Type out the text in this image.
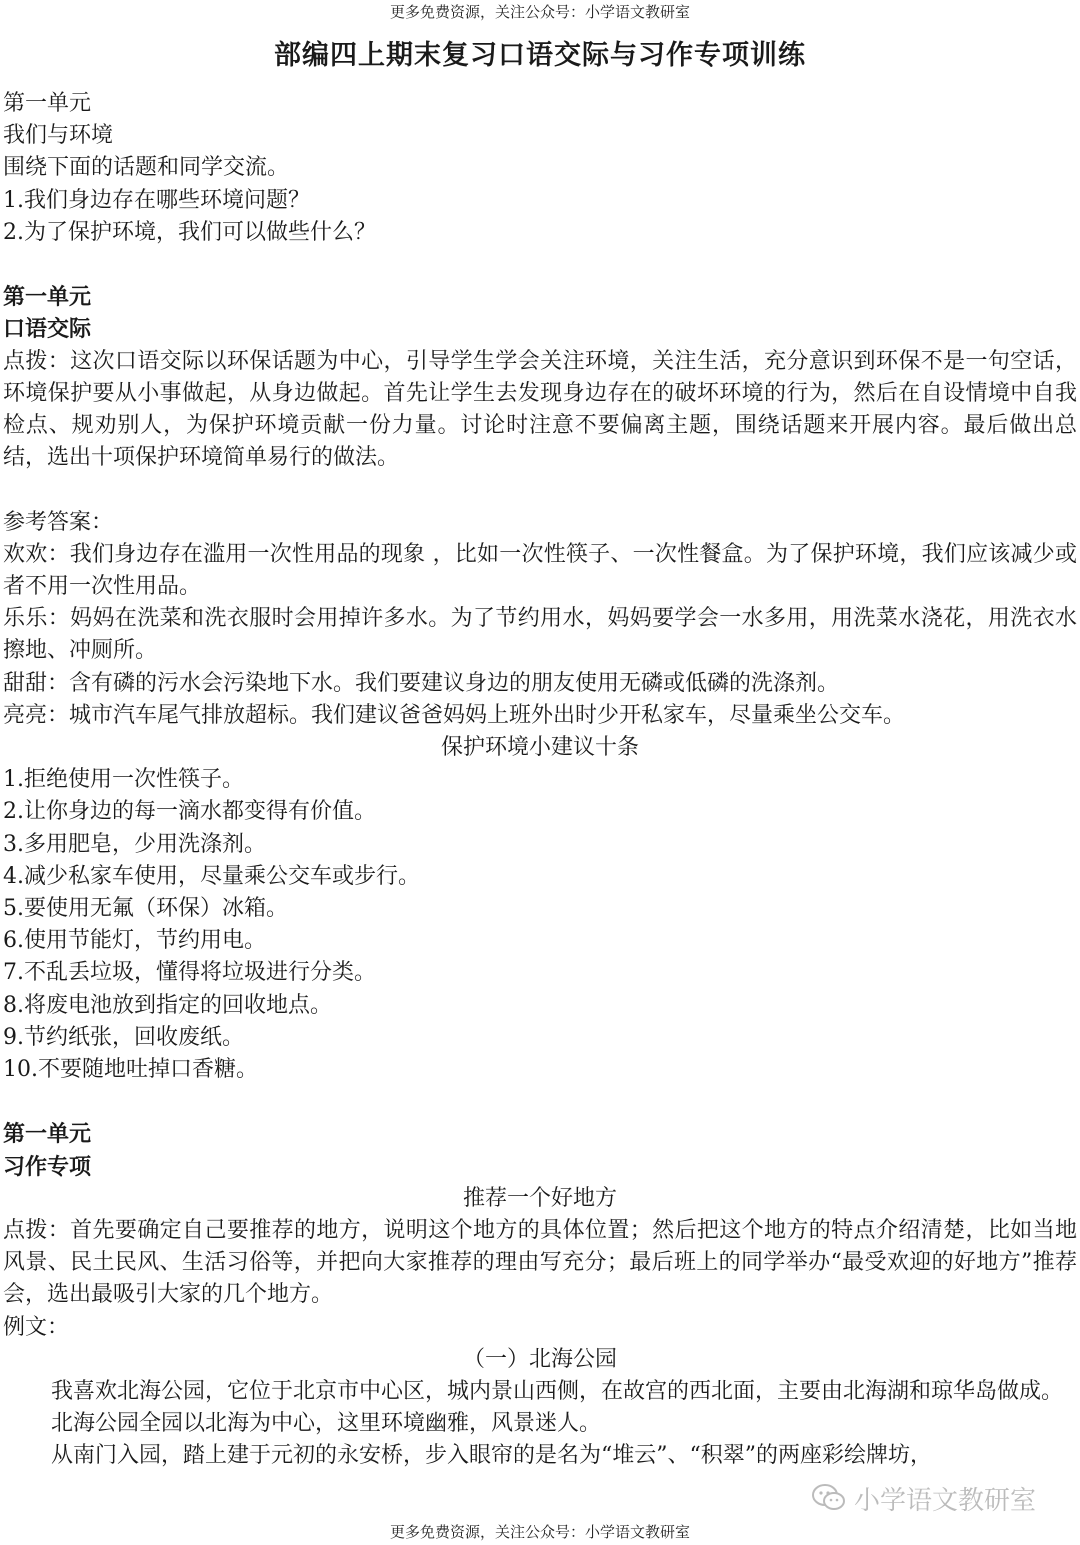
更多免费资源，关注公众号：小学语文教研室
部编四上期末复习口语交际与习作专项训练
第一单元
我们与环境
围绕下面的话题和同学交流。
1.我们身边存在哪些环境问题？
2.为了保护环境，我们可以做些什么？
第一单元
口语交际
点拨：这次口语交际以环保话题为中心，引导学生学会关注环境，关注生活，充分意识到环保不是一句空话，环境保护要从小事做起，从身边做起。首先让学生去发现身边存在的破坏环境的行为，然后在自设情境中自我检点、规劝别人，为保护环境贡献一份力量。讨论时注意不要偏离主题，围绕话题来开展内容。最后做出总结，选出十项保护环境简单易行的做法。
参考答案：
欢欢：我们身边存在滥用一次性用品的现象 ，比如一次性筷子、一次性餐盒。为了保护环境，我们应该减少或者不用一次性用品。
乐乐：妈妈在洗菜和洗衣服时会用掉许多水。为了节约用水，妈妈要学会一水多用，用洗菜水浇花，用洗衣水擦地、冲厕所。
甜甜：含有磷的污水会污染地下水。我们要建议身边的朋友使用无磷或低磷的洗涤剂。
亮亮：城市汽车尾气排放超标。我们建议爸爸妈妈上班外出时少开私家车，尽量乘坐公交车。
保护环境小建议十条
1.拒绝使用一次性筷子。
2.让你身边的每一滴水都变得有价值。
3.多用肥皂，少用洗涤剂。
4.减少私家车使用，尽量乘公交车或步行。
5.要使用无氟（环保）冰箱。
6.使用节能灯，节约用电。
7.不乱丢垃圾，懂得将垃圾进行分类。
8.将废电池放到指定的回收地点。
9.节约纸张，回收废纸。
10.不要随地吐掉口香糖。
第一单元
习作专项
推荐一个好地方
点拨：首先要确定自己要推荐的地方，说明这个地方的具体位置；然后把这个地方的特点介绍清楚，比如当地风景、民土民风、生活习俗等，并把向大家推荐的理由写充分；最后班上的同学举办“最受欢迎的好地方”推荐会，选出最吸引大家的几个地方。
例文：
（一）北海公园
我喜欢北海公园，它位于北京市中心区，城内景山西侧，在故宫的西北面，主要由北海湖和琼华岛做成。
北海公园全园以北海为中心，这里环境幽雅，风景迷人。
从南门入园，踏上建于元初的永安桥，步入眼帘的是名为“堆云”、“积翠”的两座彩绘牌坊，
小学语文教研室
更多免费资源，关注公众号：小学语文教研室
